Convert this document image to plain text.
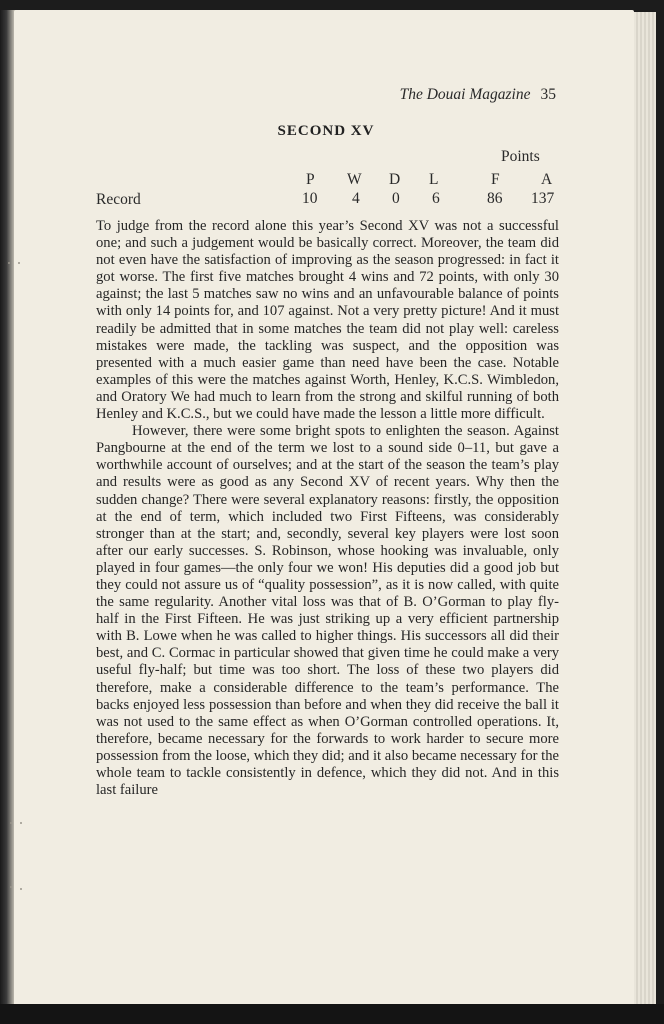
The Douai Magazine 35
SECOND XV
Points
P W D L	F	A
Record	10 4 0 6	86 137

To judge from the record alone this year’s Second XV was not a successful one; and such a judgement would be basically correct. Moreover, the team did not even have the satisfaction of improving as the season progressed: in fact it got worse. The first five matches brought 4 wins and 72 points, with only 30 against; the last 5 matches saw no wins and an unfavourable balance of points with only 14 points for, and 107 against. Not a very pretty picture! And it must readily be admitted that in some matches the team did not play well: careless mistakes were made, the tackling was suspect, and the opposition was presented with a much easier game than need have been the case. Notable examples of this were the matches against Worth, Henley, K.C.S. Wimbledon, and Oratory We had much to learn from the strong and skilful running of both Henley and K.C.S., but we could have made the lesson a little more difficult.

However, there were some bright spots to enlighten the season. Against Pangbourne at the end of the term we lost to a sound side 0–11, but gave a worthwhile account of ourselves; and at the start of the season the team’s play and results were as good as any Second XV of recent years. Why then the sudden change? There were several explanatory reasons: firstly, the opposition at the end of term, which included two First Fifteens, was considerably stronger than at the start; and, secondly, several key players were lost soon after our early successes. S. Robinson, whose hooking was invaluable, only played in four games—the only four we won! His deputies did a good job but they could not assure us of “quality possession”, as it is now called, with quite the same regularity. Another vital loss was that of B. O’Gorman to play fly-half in the First Fifteen. He was just striking up a very efficient partnership with B. Lowe when he was called to higher things. His successors all did their best, and C. Cormac in particular showed that given time he could make a very useful fly-half; but time was too short. The loss of these two players did therefore, make a considerable difference to the team’s performance. The backs enjoyed less possession than before and when they did receive the ball it was not used to the same effect as when O’Gorman controlled operations. It, therefore, became necessary for the forwards to work harder to secure more possession from the loose, which they did; and it also became necessary for the whole team to tackle consistently in defence, which they did not. And in this last failure
